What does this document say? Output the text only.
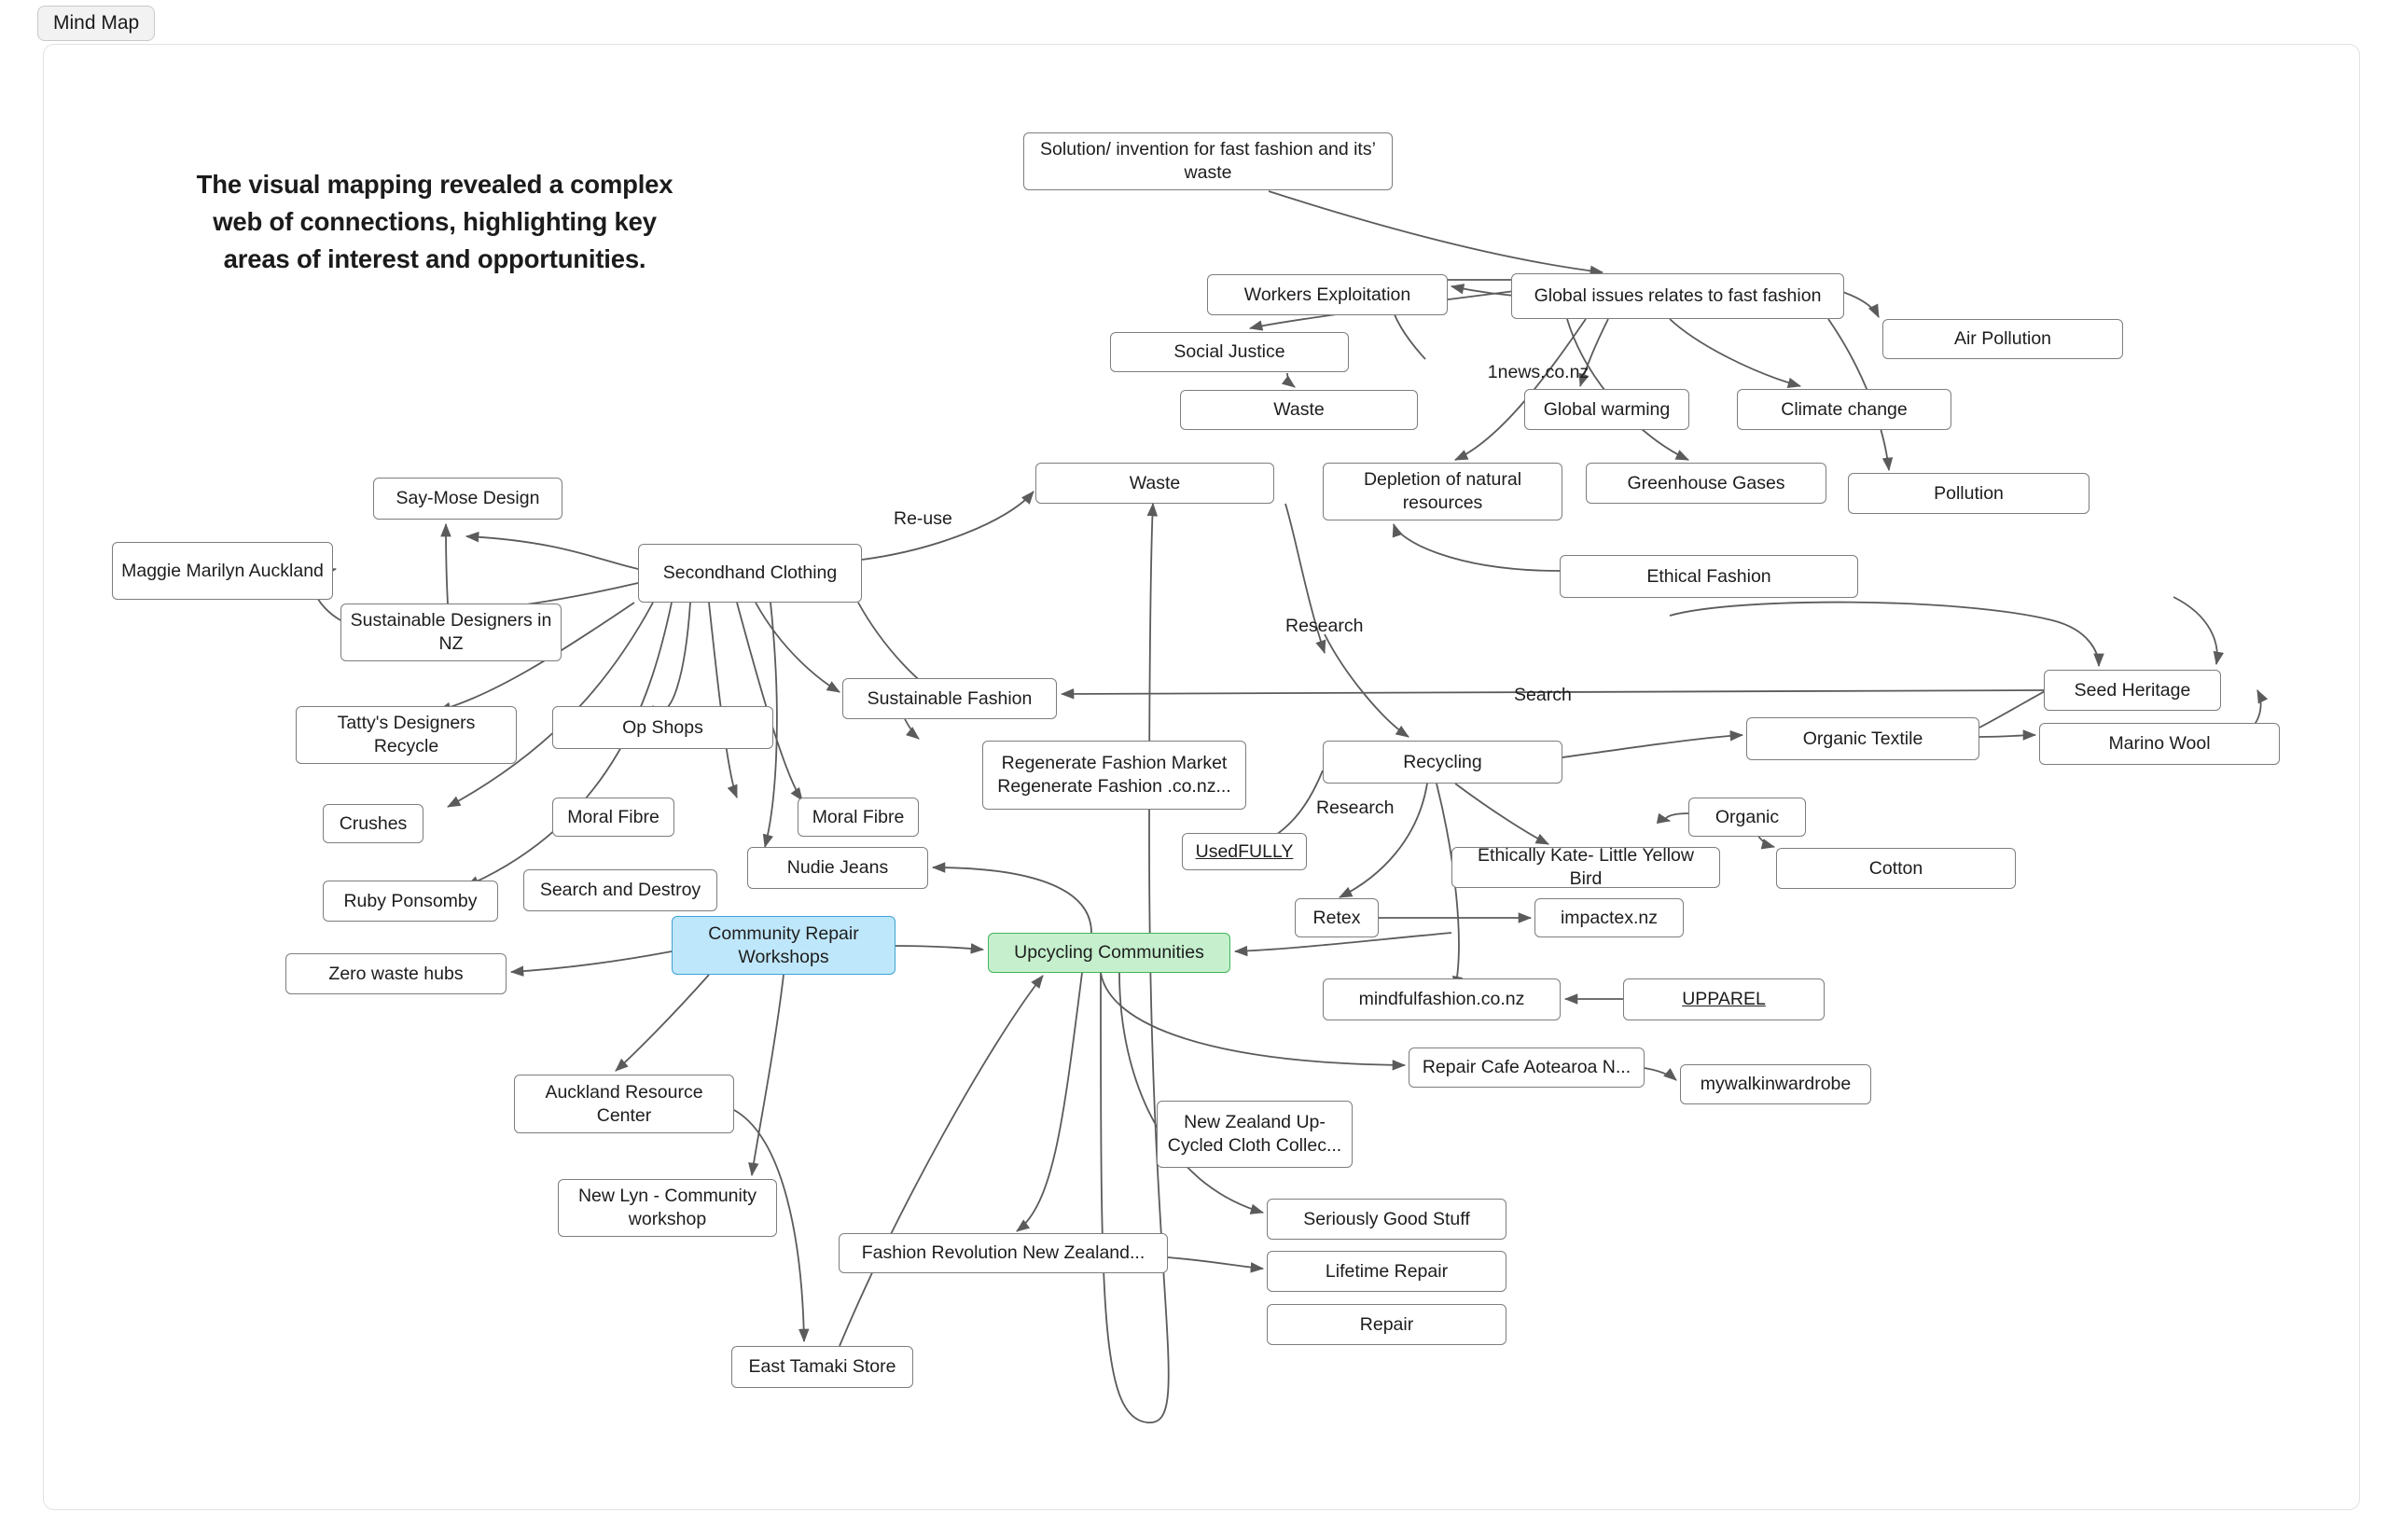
Mind Map
The visual mapping revealed a complex web of connections, highlighting key areas of interest and opportunities.
Solution/ invention for fast fashion and its’ waste
Global issues relates to fast fashion
Workers Exploitation
Social Justice
Air Pollution
Waste	Global warming	Climate change
1news.co.nz
Waste	Depletion of natural resources
Greenhouse Gases	Pollution
Say-Mose Design
Maggie Marilyn Auckland	Secondhand Clothing	Ethical Fashion
Sustainable Designers in NZ
Seed Heritage
Sustainable Fashion
Tatty's Designers Recycle
Op Shops
Organic Textile	Marino Wool
Regenerate Fashion Market Regenerate Fashion .co.nz...
Recycling
Crushes	Moral Fibre	Moral Fibre	Organic
UsedFULLY	Ethically Kate- Little Yellow Bird
Cotton
Nudie Jeans
Ruby Ponsomby
Search and Destroy
Retex	impactex.nz
Community Repair Workshops	Upcycling Communities
Zero waste hubs
mindfulfashion.co.nz	UPPAREL
Repair Cafe Aotearoa N...
mywalkinwardrobe
Auckland Resource Center	New Zealand Up-Cycled Cloth Collec...
New Lyn - Community workshop	Seriously Good Stuff
Fashion Revolution New Zealand...
Lifetime Repair
Repair
East Tamaki Store
Re-use
Research
Search
Research
